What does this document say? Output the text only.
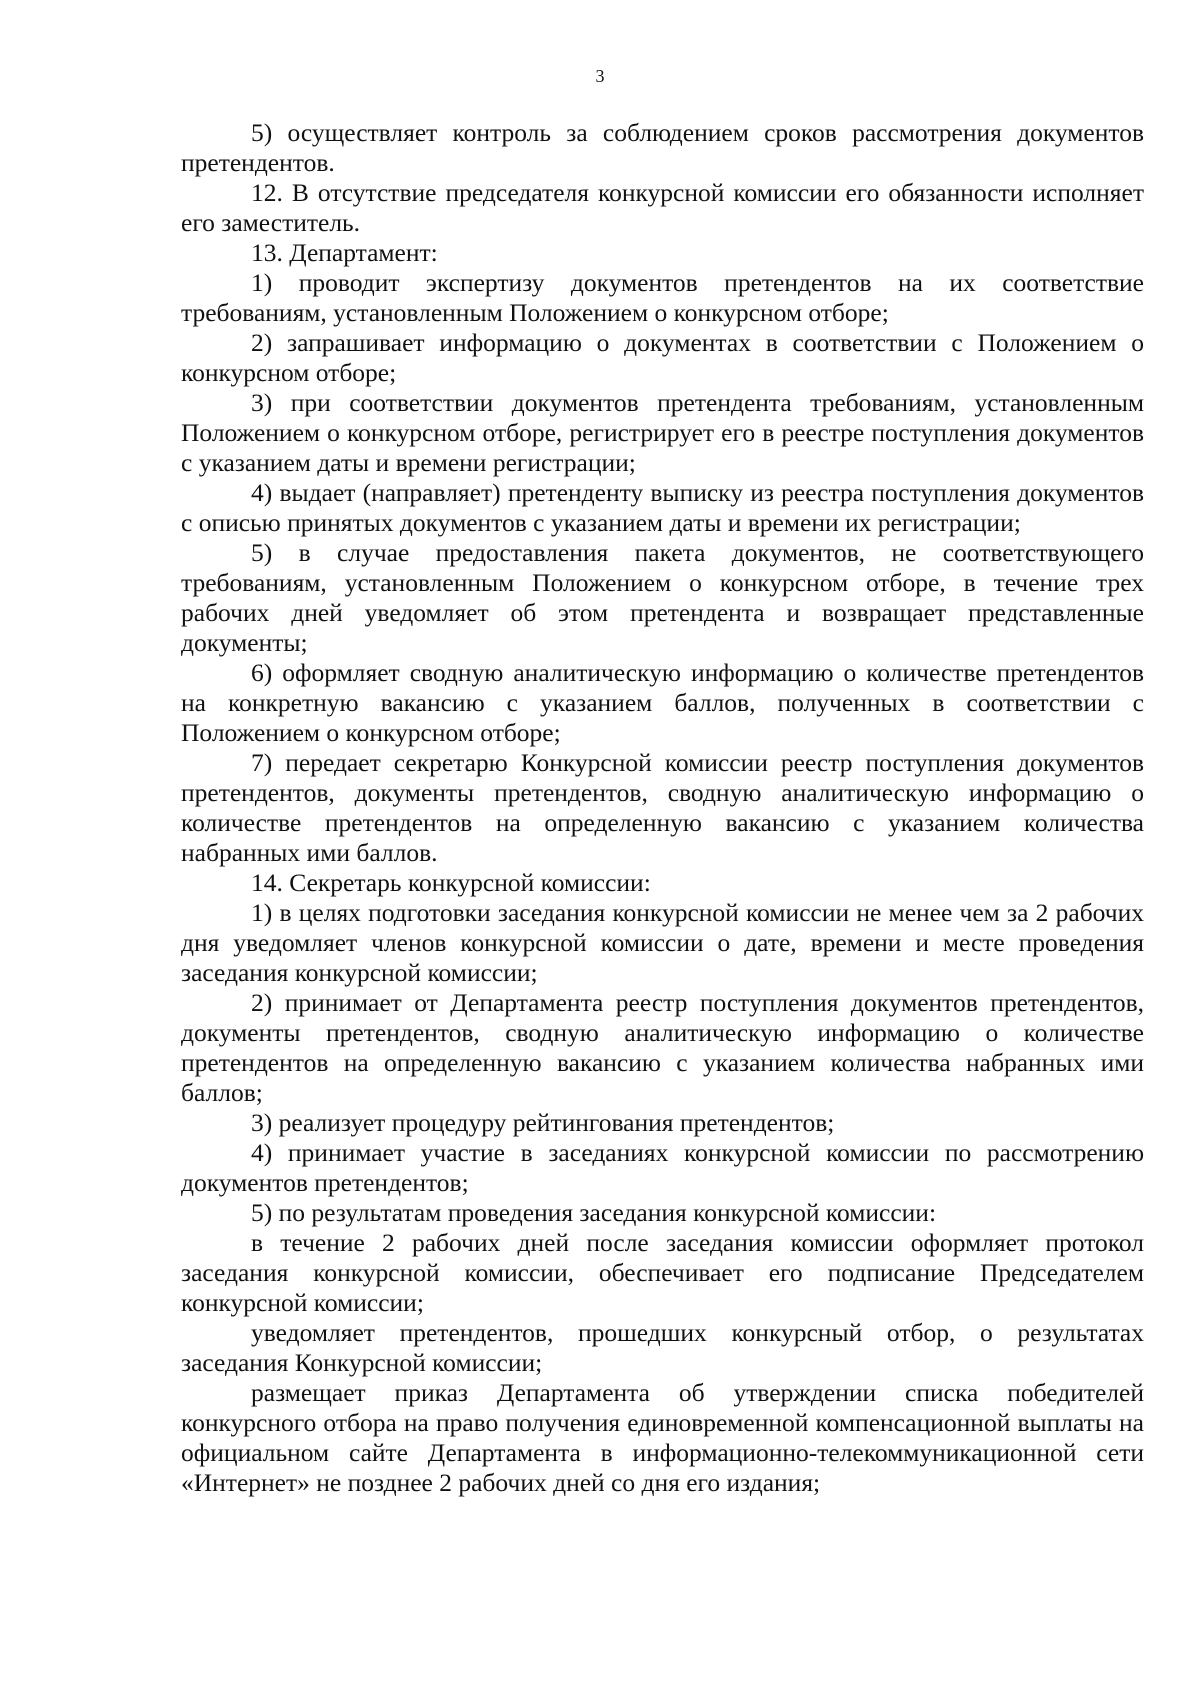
3

5) осуществляет контроль за соблюдением сроков рассмотрения документов претендентов.

12. В отсутствие председателя конкурсной комиссии его обязанности исполняет его заместитель.

13. Департамент:

1) проводит экспертизу документов претендентов на их соответствие требованиям, установленным Положением о конкурсном отборе;

2) запрашивает информацию о документах в соответствии с Положением о конкурсном отборе;

3) при соответствии документов претендента требованиям, установленным Положением о конкурсном отборе, регистрирует его в реестре поступления документов с указанием даты и времени регистрации;

4) выдает (направляет) претенденту выписку из реестра поступления документов с описью принятых документов с указанием даты и времени их регистрации;

5) в случае предоставления пакета документов, не соответствующего требованиям, установленным Положением о конкурсном отборе, в течение трех рабочих дней уведомляет об этом претендента и возвращает представленные документы;

6) оформляет сводную аналитическую информацию о количестве претендентов на конкретную вакансию с указанием баллов, полученных в соответствии с Положением о конкурсном отборе;

7) передает секретарю Конкурсной комиссии реестр поступления документов претендентов, документы претендентов, сводную аналитическую информацию о количестве претендентов на определенную вакансию с указанием количества набранных ими баллов.

14. Секретарь конкурсной комиссии:

1) в целях подготовки заседания конкурсной комиссии не менее чем за 2 рабочих дня уведомляет членов конкурсной комиссии о дате, времени и месте проведения заседания конкурсной комиссии;

2) принимает от Департамента реестр поступления документов претендентов, документы претендентов, сводную аналитическую информацию о количестве претендентов на определенную вакансию с указанием количества набранных ими баллов;

3) реализует процедуру рейтингования претендентов;

4) принимает участие в заседаниях конкурсной комиссии по рассмотрению документов претендентов;

5) по результатам проведения заседания конкурсной комиссии:

в течение 2 рабочих дней после заседания комиссии оформляет протокол заседания конкурсной комиссии, обеспечивает его подписание Председателем конкурсной комиссии;

уведомляет претендентов, прошедших конкурсный отбор, о результатах заседания Конкурсной комиссии;

размещает приказ Департамента об утверждении списка победителей конкурсного отбора на право получения единовременной компенсационной выплаты на официальном сайте Департамента в информационно-телекоммуникационной сети «Интернет» не позднее 2 рабочих дней со дня его издания;
